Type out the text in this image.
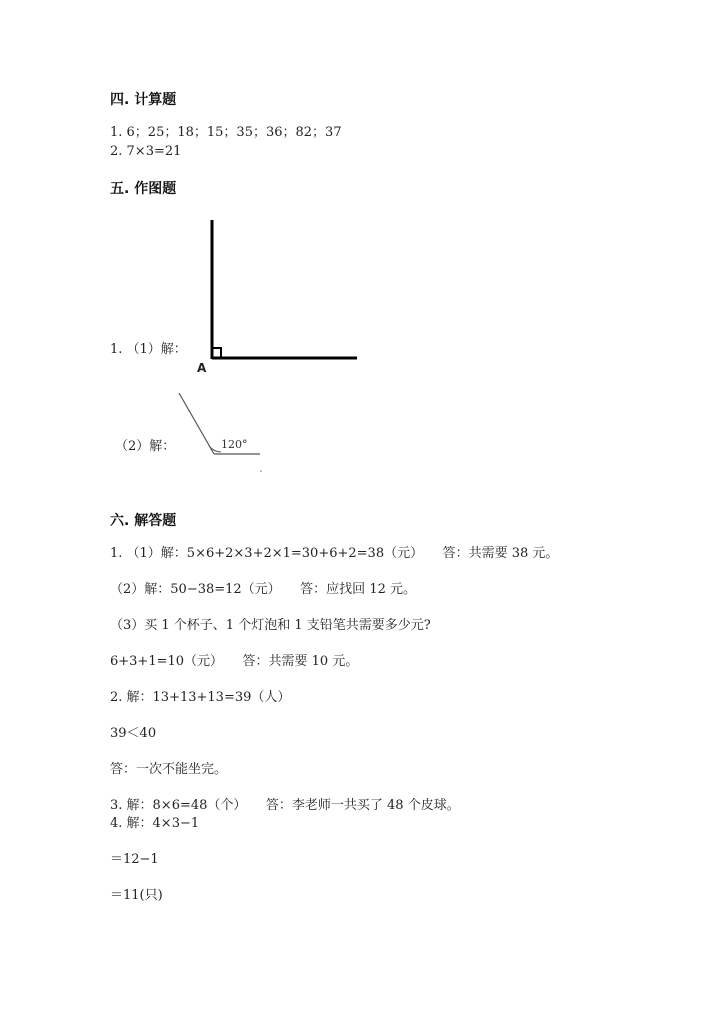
四. 计算题
1. 6；25；18；15；35；36；82；37
2. 7×3=21
五. 作图题
1. （1）解：
A
（2）解：	120°
六. 解答题
1. （1）解：5×6+2×3+2×1=30+6+2=38（元）　　答：共需要 38 元。
（2）解：50−38=12（元）　　答：应找回 12 元。
（3）买 1 个杯子、1 个灯泡和 1 支铅笔共需要多少元?
6+3+1=10（元）　　答：共需要 10 元。
2. 解：13+13+13=39（人）
39＜40
答：一次不能坐完。
3. 解：8×6=48（个）　　答：李老师一共买了 48 个皮球。
4. 解：4×3−1
＝12−1
＝11(只)
